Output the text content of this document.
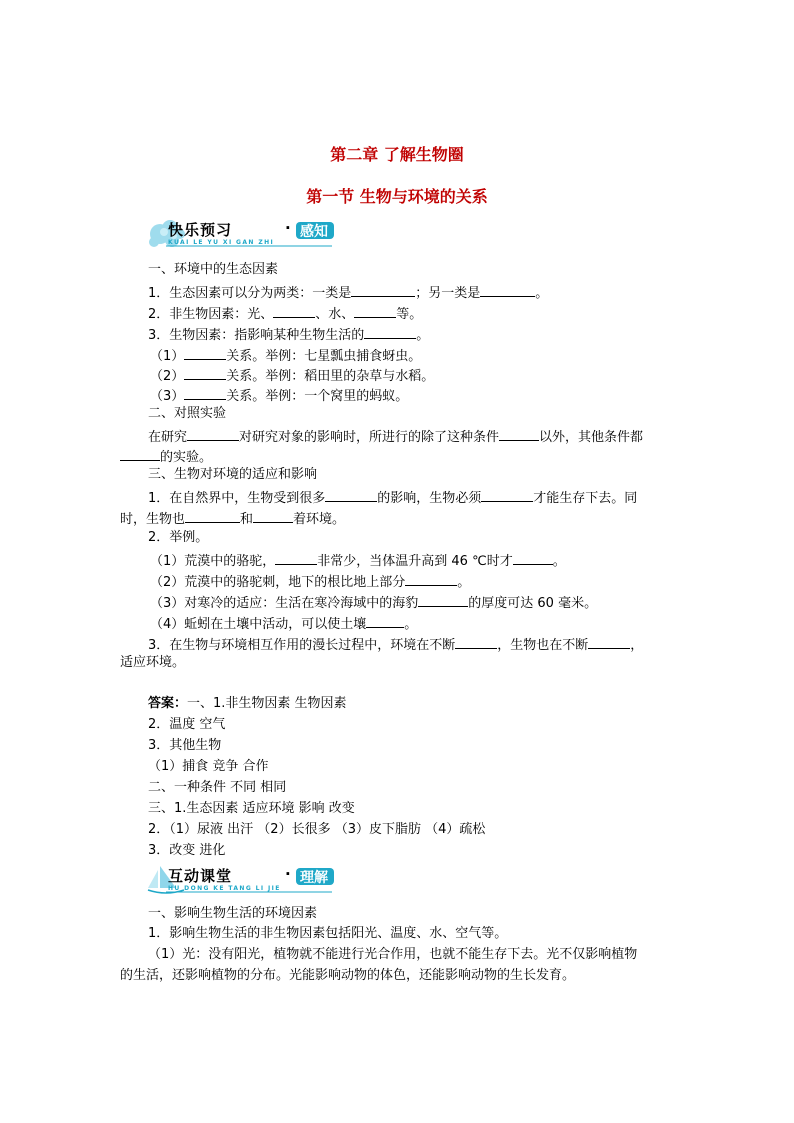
第二章 了解生物圈
第一节 生物与环境的关系
快乐预习	· 感知
KUAI LE YU XI GAN ZHI
一、环境中的生态因素
1．生态因素可以分为两类：一类是	；另一类是	。
2．非生物因素：光、	、水、	等。
3．生物因素：指影响某种生物生活的	。
（1）	关系。举例：七星瓢虫捕食蚜虫。
（2）	关系。举例：稻田里的杂草与水稻。
（3）	关系。举例：一个窝里的蚂蚁。
二、对照实验
在研究	对研究对象的影响时，所进行的除了这种条件	以外，其他条件都
的实验。
三、生物对环境的适应和影响
1．在自然界中，生物受到很多	的影响，生物必须	才能生存下去。同
时，生物也	和	着环境。
2．举例。
（1）荒漠中的骆驼，	非常少，当体温升高到 46 ℃时才	。
（2）荒漠中的骆驼刺，地下的根比地上部分	。
（3）对寒冷的适应：生活在寒冷海域中的海豹	的厚度可达 60 毫米。
（4）蚯蚓在土壤中活动，可以使土壤	。
3．在生物与环境相互作用的漫长过程中，环境在不断	，生物也在不断	，
适应环境。
答案：一、1.非生物因素 生物因素
2．温度 空气
3．其他生物
（1）捕食 竞争 合作
二、一种条件 不同 相同
三、1.生态因素 适应环境 影响 改变
2．（1）尿液 出汗 （2）长很多 （3）皮下脂肪 （4）疏松
3．改变 进化
互动课堂	· 理解
HU DONG KE TANG LI JIE
一、影响生物生活的环境因素
1．影响生物生活的非生物因素包括阳光、温度、水、空气等。
（1）光：没有阳光，植物就不能进行光合作用，也就不能生存下去。光不仅影响植物
的生活，还影响植物的分布。光能影响动物的体色，还能影响动物的生长发育。
